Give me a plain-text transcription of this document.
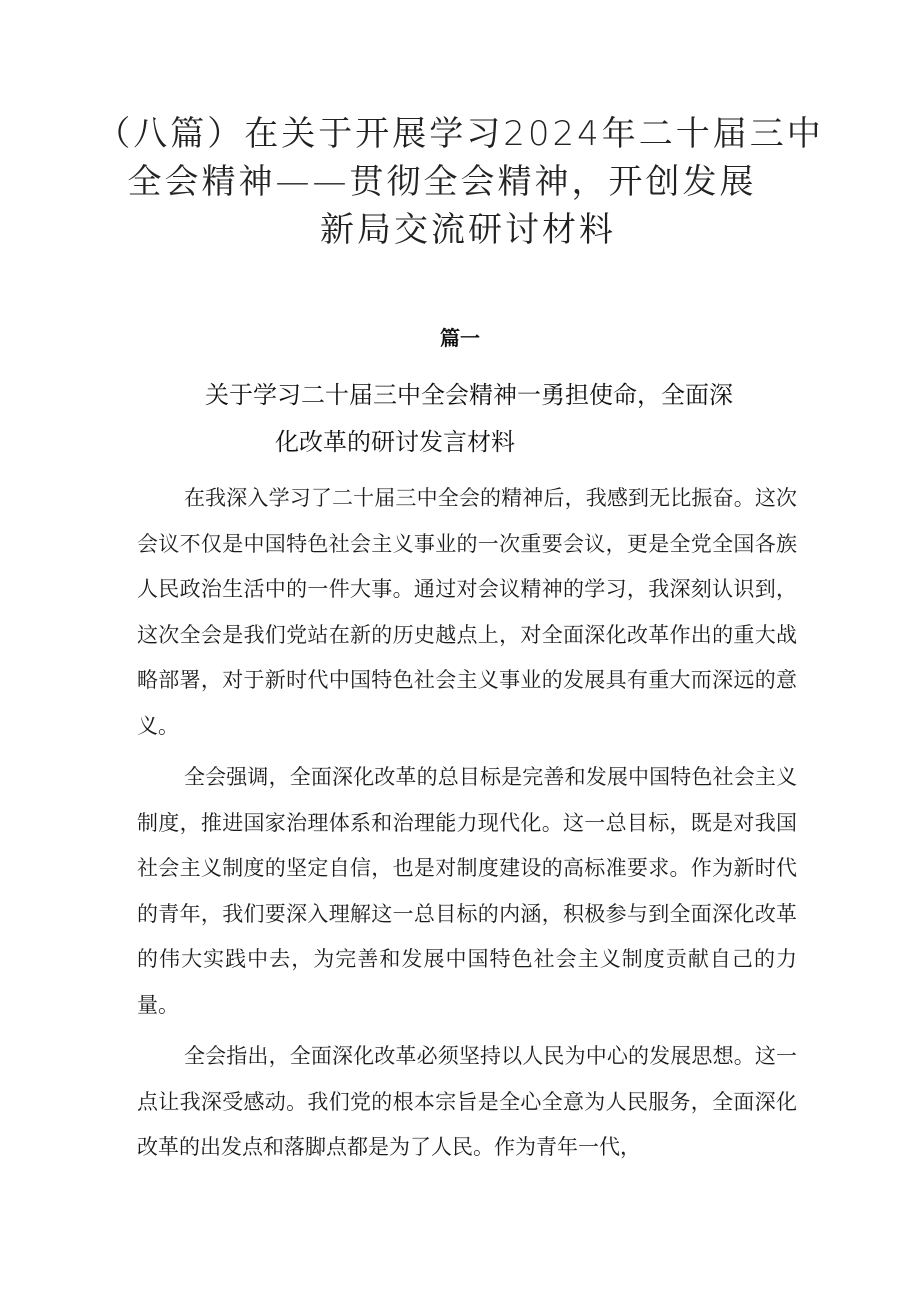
（八篇）在关于开展学习2024年二十届三中
全会精神——贯彻全会精神，开创发展
新局交流研讨材料
篇一
关于学习二十届三中全会精神一勇担使命，全面深
化改革的研讨发言材料

在我深入学习了二十届三中全会的精神后，我感到无比振奋。这次会议不仅是中国特色社会主义事业的一次重要会议，更是全党全国各族人民政治生活中的一件大事。通过对会议精神的学习，我深刻认识到，这次全会是我们党站在新的历史越点上，对全面深化改革作出的重大战略部署，对于新时代中国特色社会主义事业的发展具有重大而深远的意义。

全会强调，全面深化改革的总目标是完善和发展中国特色社会主义制度，推进国家治理体系和治理能力现代化。这一总目标，既是对我国社会主义制度的坚定自信，也是对制度建设的高标准要求。作为新时代的青年，我们要深入理解这一总目标的内涵，积极参与到全面深化改革的伟大实践中去，为完善和发展中国特色社会主义制度贡献自己的力量。

全会指出，全面深化改革必须坚持以人民为中心的发展思想。这一点让我深受感动。我们党的根本宗旨是全心全意为人民服务，全面深化改革的出发点和落脚点都是为了人民。作为青年一代，
